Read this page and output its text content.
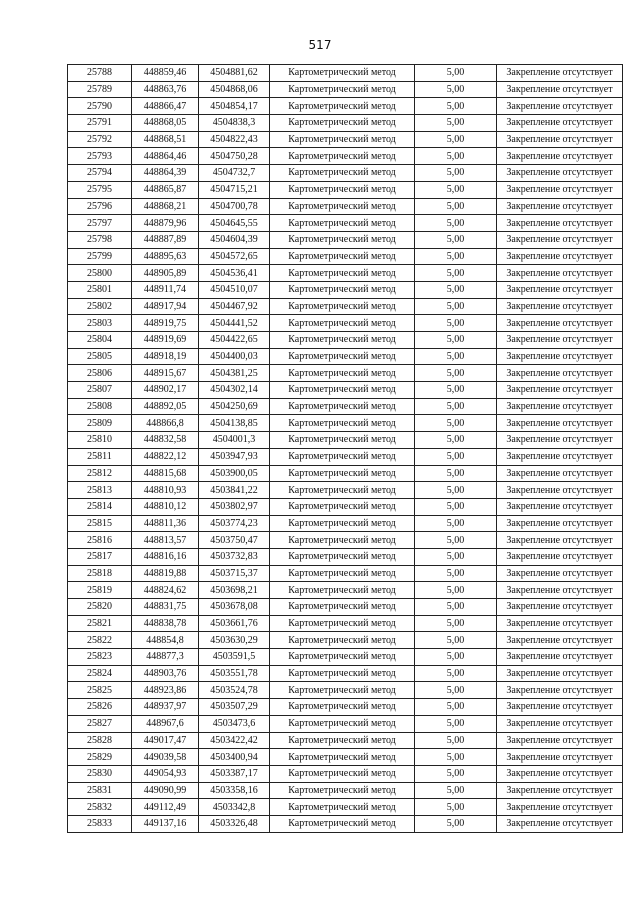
517
25788	448859,46	4504881,62	Картометрический метод	5,00	Закрепление отсутствует
25789	448863,76	4504868,06	Картометрический метод	5,00	Закрепление отсутствует
25790	448866,47	4504854,17	Картометрический метод	5,00	Закрепление отсутствует
25791	448868,05	4504838,3	Картометрический метод	5,00	Закрепление отсутствует
25792	448868,51	4504822,43	Картометрический метод	5,00	Закрепление отсутствует
25793	448864,46	4504750,28	Картометрический метод	5,00	Закрепление отсутствует
25794	448864,39	4504732,7	Картометрический метод	5,00	Закрепление отсутствует
25795	448865,87	4504715,21	Картометрический метод	5,00	Закрепление отсутствует
25796	448868,21	4504700,78	Картометрический метод	5,00	Закрепление отсутствует
25797	448879,96	4504645,55	Картометрический метод	5,00	Закрепление отсутствует
25798	448887,89	4504604,39	Картометрический метод	5,00	Закрепление отсутствует
25799	448895,63	4504572,65	Картометрический метод	5,00	Закрепление отсутствует
25800	448905,89	4504536,41	Картометрический метод	5,00	Закрепление отсутствует
25801	448911,74	4504510,07	Картометрический метод	5,00	Закрепление отсутствует
25802	448917,94	4504467,92	Картометрический метод	5,00	Закрепление отсутствует
25803	448919,75	4504441,52	Картометрический метод	5,00	Закрепление отсутствует
25804	448919,69	4504422,65	Картометрический метод	5,00	Закрепление отсутствует
25805	448918,19	4504400,03	Картометрический метод	5,00	Закрепление отсутствует
25806	448915,67	4504381,25	Картометрический метод	5,00	Закрепление отсутствует
25807	448902,17	4504302,14	Картометрический метод	5,00	Закрепление отсутствует
25808	448892,05	4504250,69	Картометрический метод	5,00	Закрепление отсутствует
25809	448866,8	4504138,85	Картометрический метод	5,00	Закрепление отсутствует
25810	448832,58	4504001,3	Картометрический метод	5,00	Закрепление отсутствует
25811	448822,12	4503947,93	Картометрический метод	5,00	Закрепление отсутствует
25812	448815,68	4503900,05	Картометрический метод	5,00	Закрепление отсутствует
25813	448810,93	4503841,22	Картометрический метод	5,00	Закрепление отсутствует
25814	448810,12	4503802,97	Картометрический метод	5,00	Закрепление отсутствует
25815	448811,36	4503774,23	Картометрический метод	5,00	Закрепление отсутствует
25816	448813,57	4503750,47	Картометрический метод	5,00	Закрепление отсутствует
25817	448816,16	4503732,83	Картометрический метод	5,00	Закрепление отсутствует
25818	448819,88	4503715,37	Картометрический метод	5,00	Закрепление отсутствует
25819	448824,62	4503698,21	Картометрический метод	5,00	Закрепление отсутствует
25820	448831,75	4503678,08	Картометрический метод	5,00	Закрепление отсутствует
25821	448838,78	4503661,76	Картометрический метод	5,00	Закрепление отсутствует
25822	448854,8	4503630,29	Картометрический метод	5,00	Закрепление отсутствует
25823	448877,3	4503591,5	Картометрический метод	5,00	Закрепление отсутствует
25824	448903,76	4503551,78	Картометрический метод	5,00	Закрепление отсутствует
25825	448923,86	4503524,78	Картометрический метод	5,00	Закрепление отсутствует
25826	448937,97	4503507,29	Картометрический метод	5,00	Закрепление отсутствует
25827	448967,6	4503473,6	Картометрический метод	5,00	Закрепление отсутствует
25828	449017,47	4503422,42	Картометрический метод	5,00	Закрепление отсутствует
25829	449039,58	4503400,94	Картометрический метод	5,00	Закрепление отсутствует
25830	449054,93	4503387,17	Картометрический метод	5,00	Закрепление отсутствует
25831	449090,99	4503358,16	Картометрический метод	5,00	Закрепление отсутствует
25832	449112,49	4503342,8	Картометрический метод	5,00	Закрепление отсутствует
25833	449137,16	4503326,48	Картометрический метод	5,00	Закрепление отсутствует
